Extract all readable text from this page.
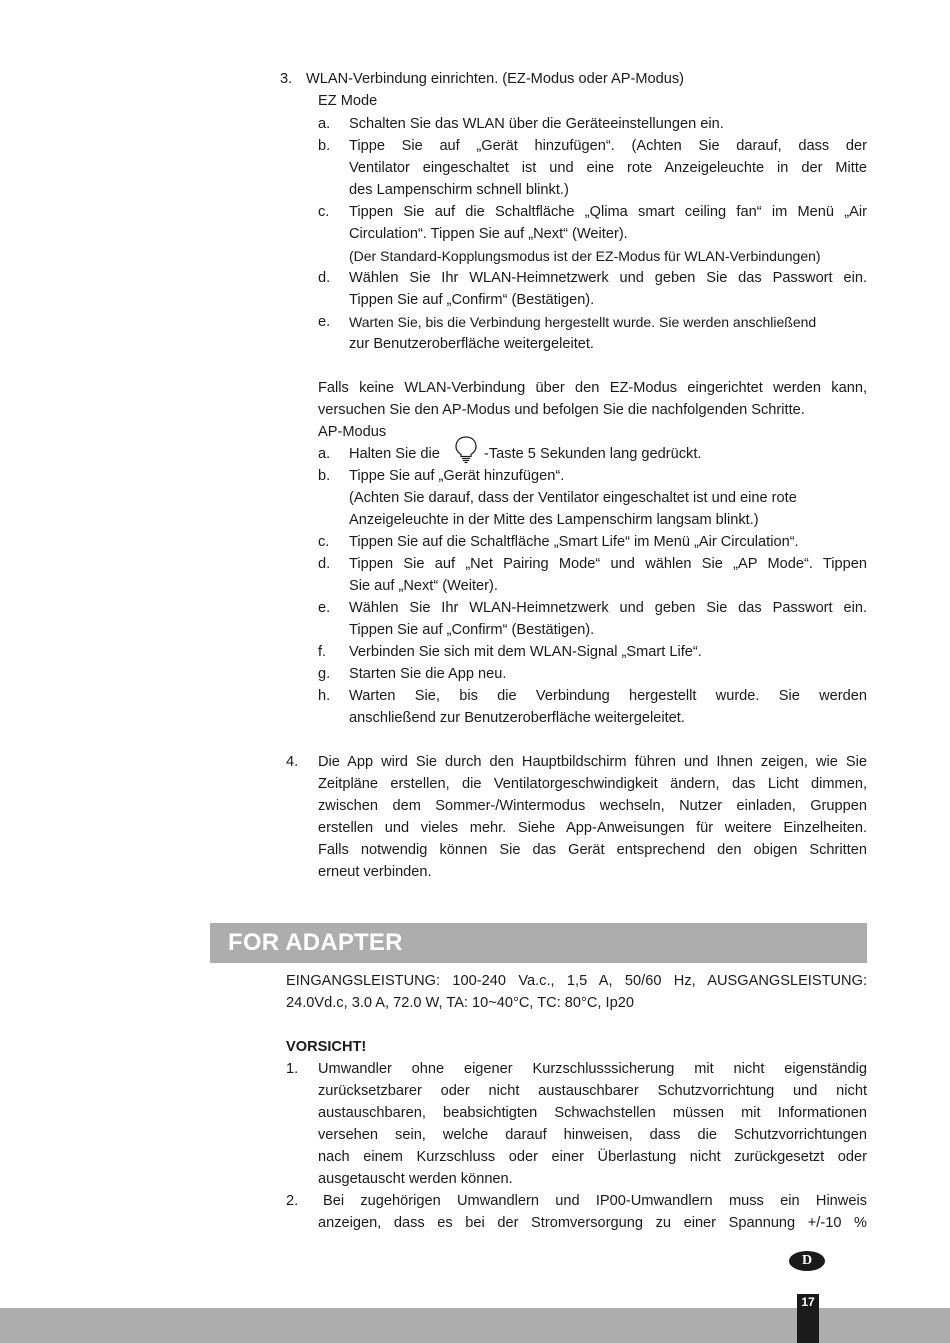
3. WLAN-Verbindung einrichten. (EZ-Modus oder AP-Modus)
EZ Mode
a. Schalten Sie das WLAN über die Geräteeinstellungen ein.
b. Tippe Sie auf „Gerät hinzufügen“. (Achten Sie darauf, dass der
Ventilator eingeschaltet ist und eine rote Anzeigeleuchte in der Mitte
des Lampenschirm schnell blinkt.)
c. Tippen Sie auf die Schaltfläche „Qlima smart ceiling fan“ im Menü „Air
Circulation“. Tippen Sie auf „Next“ (Weiter).
(Der Standard-Kopplungsmodus ist der EZ-Modus für WLAN-Verbindungen)
d. Wählen Sie Ihr WLAN-Heimnetzwerk und geben Sie das Passwort ein.
Tippen Sie auf „Confirm“ (Bestätigen).
e. Warten Sie, bis die Verbindung hergestellt wurde. Sie werden anschließend
zur Benutzeroberfläche weitergeleitet.
Falls keine WLAN-Verbindung über den EZ-Modus eingerichtet werden kann,
versuchen Sie den AP-Modus und befolgen Sie die nachfolgenden Schritte.
AP-Modus
a. Halten Sie die	-Taste 5 Sekunden lang gedrückt.
b. Tippe Sie auf „Gerät hinzufügen“.
(Achten Sie darauf, dass der Ventilator eingeschaltet ist und eine rote
Anzeigeleuchte in der Mitte des Lampenschirm langsam blinkt.)
c. Tippen Sie auf die Schaltfläche „Smart Life“ im Menü „Air Circulation“.
d. Tippen Sie auf „Net Pairing Mode“ und wählen Sie „AP Mode“. Tippen
Sie auf „Next“ (Weiter).
e. Wählen Sie Ihr WLAN-Heimnetzwerk und geben Sie das Passwort ein.
Tippen Sie auf „Confirm“ (Bestätigen).
f. Verbinden Sie sich mit dem WLAN-Signal „Smart Life“.
g. Starten Sie die App neu.
h. Warten Sie, bis die Verbindung hergestellt wurde. Sie werden
anschließend zur Benutzeroberfläche weitergeleitet.
4. Die App wird Sie durch den Hauptbildschirm führen und Ihnen zeigen, wie Sie
Zeitpläne erstellen, die Ventilatorgeschwindigkeit ändern, das Licht dimmen,
zwischen dem Sommer-/Wintermodus wechseln, Nutzer einladen, Gruppen
erstellen und vieles mehr. Siehe App-Anweisungen für weitere Einzelheiten.
Falls notwendig können Sie das Gerät entsprechend den obigen Schritten
erneut verbinden.
FOR ADAPTER
EINGANGSLEISTUNG: 100-240 Va.c., 1,5 A, 50/60 Hz, AUSGANGSLEISTUNG:
24.0Vd.c, 3.0 A, 72.0 W, TA: 10~40°C, TC: 80°C, Ip20
VORSICHT!
1. Umwandler ohne eigener Kurzschlusssicherung mit nicht eigenständig
zurücksetzbarer oder nicht austauschbarer Schutzvorrichtung und nicht
austauschbaren, beabsichtigten Schwachstellen müssen mit Informationen
versehen sein, welche darauf hinweisen, dass die Schutzvorrichtungen
nach einem Kurzschluss oder einer Überlastung nicht zurückgesetzt oder
ausgetauscht werden können.
2. Bei zugehörigen Umwandlern und IP00-Umwandlern muss ein Hinweis
anzeigen, dass es bei der Stromversorgung zu einer Spannung +/-10 %
D
17
